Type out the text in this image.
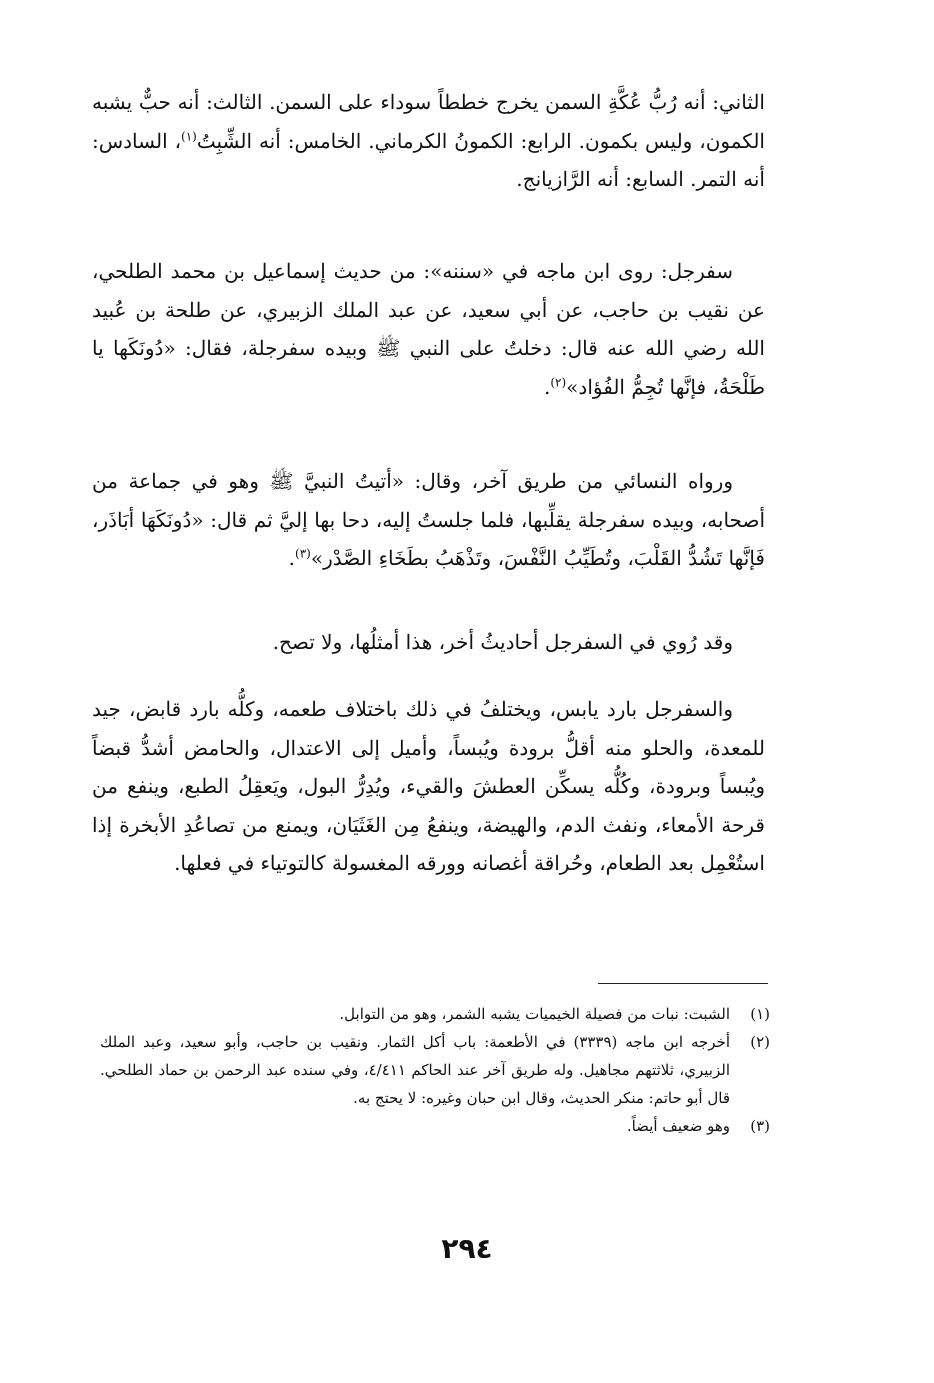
الثاني: أنه رُبُّ عُكَّةِ السمن يخرج خططاً سوداء على السمن. الثالث: أنه حبٌّ يشبه الكمون، وليس بكمون. الرابع: الكمونُ الكرماني. الخامس: أنه الشِّبِتُ$^{(١)}$، السادس: أنه التمر. السابع: أنه الرَّازيانج.

سفرجل: روى ابن ماجه في «سننه»: من حديث إسماعيل بن محمد الطلحي، عن نقيب بن حاجب، عن أبي سعيد، عن عبد الملك الزبيري، عن طلحة بن عُبيد الله رضي الله عنه قال: دخلتُ على النبي ﷺ وبيده سفرجلة، فقال: «دُونَكَها يا طَلْحَةُ، فإنَّها تُجِمُّ الفُؤاد»$^{(٢)}$.

ورواه النسائي من طريق آخر، وقال: «أتيتُ النبيَّ ﷺ وهو في جماعة من أصحابه، وبيده سفرجلة يقلِّبها، فلما جلستُ إليه، دحا بها إليَّ ثم قال: «دُونَكَهَا أبَاذَر، فَإنَّها تَشُدُّ القَلْبَ، وتُطَيِّبُ النَّفْسَ، وتَذْهَبُ بطَخَاءِ الصَّدْر»$^{(٣)}$.

وقد رُوي في السفرجل أحاديثُ أخر، هذا أمثلُها، ولا تصح.

والسفرجل بارد يابس، ويختلفُ في ذلك باختلاف طعمه، وكلُّه بارد قابض، جيد للمعدة، والحلو منه أقلُّ برودة ويُبساً، وأميل إلى الاعتدال، والحامض أشدُّ قبضاً ويُبساً وبرودة، وكُلُّه يسكِّن العطشَ والقيء، ويُدِرُّ البول، ويَعقِلُ الطبع، وينفع من قرحة الأمعاء، ونفث الدم، والهيضة، وينفعُ مِن الغَثَيَان، ويمنع من تصاعُدِ الأبخرة إذا استُعْمِل بعد الطعام، وحُراقة أغصانه وورقه المغسولة كالتوتياء في فعلها.

(١)
الشبت: نبات من فصيلة الخيميات يشبه الشمر، وهو من التوابل.
(٢)
أخرجه ابن ماجه (٣٣٣٩) في الأطعمة: باب أكل الثمار. ونقيب بن حاجب، وأبو سعيد، وعبد الملك الزبيري، ثلاثتهم مجاهيل. وله طريق آخر عند الحاكم ٤/٤١١، وفي سنده عبد الرحمن بن حماد الطلحي. قال أبو حاتم: منكر الحديث، وقال ابن حبان وغيره: لا يحتج به.
(٣)
وهو ضعيف أيضاً.
٢٩٤
